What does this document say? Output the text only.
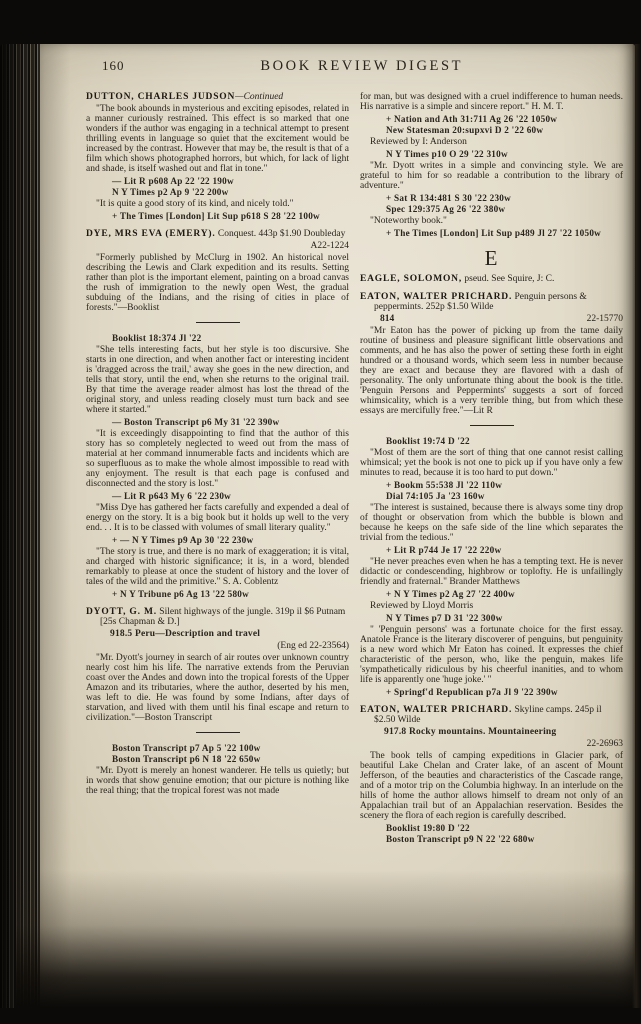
160	BOOK REVIEW DIGEST
DUTTON, CHARLES JUDSON—Continued
"The book abounds in mysterious and exciting episodes, related in a manner curiously restrained. This effect is so marked that one wonders if the author was engaging in a technical attempt to present thrilling events in language so quiet that the excitement would be increased by the contrast. However that may be, the result is that of a film which shows photographed horrors, but which, for lack of light and shade, is itself washed out and flat in tone."
— Lit R p608 Ap 22 '22 190w
N Y Times p2 Ap 9 '22 200w
"It is quite a good story of its kind, and nicely told."
+ The Times [London] Lit Sup p618 S 28 '22 100w
DYE, MRS EVA (EMERY). Conquest. 443p $1.90 Doubleday
A22-1224
"Formerly published by McClurg in 1902. An historical novel describing the Lewis and Clark expedition and its results. Setting rather than plot is the important element, painting on a broad canvas the rush of immigration to the newly open West, the gradual subduing of the Indians, and the rising of cities in place of forests."—Booklist
Booklist 18:374 Jl '22
"She tells interesting facts, but her style is too discursive. She starts in one direction, and when another fact or interesting incident is 'dragged across the trail,' away she goes in the new direction, and tells that story, until the end, when she returns to the original trail. By that time the average reader almost has lost the thread of the original story, and unless reading closely must turn back and see where it started."
— Boston Transcript p6 My 31 '22 390w
"It is exceedingly disappointing to find that the author of this story has so completely neglected to weed out from the mass of material at her command innumerable facts and incidents which are so superfluous as to make the whole almost impossible to read with any enjoyment. The result is that each page is confused and disconnected and the story is lost."
— Lit R p643 My 6 '22 230w
"Miss Dye has gathered her facts carefully and expended a deal of energy on the story. It is a big book but it holds up well to the very end. . . It is to be classed with volumes of small literary quality."
+ — N Y Times p9 Ap 30 '22 230w
"The story is true, and there is no mark of exaggeration; it is vital, and charged with historic significance; it is, in a word, blended remarkably to please at once the student of history and the lover of tales of the wild and the primitive." S. A. Coblentz
+ N Y Tribune p6 Ag 13 '22 580w
DYOTT, G. M. Silent highways of the jungle. 319p il $6 Putnam [25s Chapman & D.]
918.5 Peru—Description and travel
(Eng ed 22-23564)
"Mr. Dyott's journey in search of air routes over unknown country nearly cost him his life. The narrative extends from the Peruvian coast over the Andes and down into the tropical forests of the Upper Amazon and its tributaries, where the author, deserted by his men, was left to die. He was found by some Indians, after days of starvation, and lived with them until his final escape and return to civilization."—Boston Transcript
Boston Transcript p7 Ap 5 '22 100w
Boston Transcript p6 N 18 '22 650w
"Mr. Dyott is merely an honest wanderer. He tells us quietly; but in words that show genuine emotion; that our picture is nothing like the real thing; that the tropical forest was not made
for man, but was designed with a cruel indifference to human needs. His narrative is a simple and sincere report." H. M. T.
+ Nation and Ath 31:711 Ag 26 '22 1050w
New Statesman 20:supxvi D 2 '22 60w
Reviewed by I: Anderson
N Y Times p10 O 29 '22 310w
"Mr. Dyott writes in a simple and convincing style. We are grateful to him for so readable a contribution to the library of adventure."
+ Sat R 134:481 S 30 '22 230w
Spec 129:375 Ag 26 '22 380w
"Noteworthy book."
+ The Times [London] Lit Sup p489 Jl 27 '22 1050w
E
EAGLE, SOLOMON, pseud. See Squire, J: C.
EATON, WALTER PRICHARD. Penguin persons & peppermints. 252p $1.50 Wilde
814	22-15770
"Mr Eaton has the power of picking up from the tame daily routine of business and pleasure significant little observations and comments, and he has also the power of setting these forth in eight hundred or a thousand words, which seem less in number because they are exact and because they are flavored with a dash of personality. The only unfortunate thing about the book is the title. 'Penguin Persons and Peppermints' suggests a sort of forced whimsicality, which is a very terrible thing, but from which these essays are mercifully free."—Lit R
Booklist 19:74 D '22
"Most of them are the sort of thing that one cannot resist calling whimsical; yet the book is not one to pick up if you have only a few minutes to read, because it is too hard to put down."
+ Bookm 55:538 Jl '22 110w
Dial 74:105 Ja '23 160w
"The interest is sustained, because there is always some tiny drop of thought or observation from which the bubble is blown and because he keeps on the safe side of the line which separates the trivial from the tedious."
+ Lit R p744 Je 17 '22 220w
"He never preaches even when he has a tempting text. He is never didactic or condescending, highbrow or toplofty. He is unfailingly friendly and fraternal." Brander Matthews
+ N Y Times p2 Ag 27 '22 400w
Reviewed by Lloyd Morris
N Y Times p7 D 31 '22 300w
" 'Penguin persons' was a fortunate choice for the first essay. Anatole France is the literary discoverer of penguins, but penguinity is a new word which Mr Eaton has coined. It expresses the chief characteristic of the person, who, like the penguin, makes life 'sympathetically ridiculous by his cheerful inanities, and to whom life is apparently one 'huge joke.' "
+ Springf'd Republican p7a Jl 9 '22 390w
EATON, WALTER PRICHARD. Skyline camps. 245p il $2.50 Wilde
917.8 Rocky mountains. Mountaineering
22-26963
The book tells of camping expeditions in Glacier park, of beautiful Lake Chelan and Crater lake, of an ascent of Mount Jefferson, of the beauties and characteristics of the Cascade range, and of a motor trip on the Columbia highway. In an interlude on the hills of home the author allows himself to dream not only of an Appalachian trail but of an Appalachian reservation. Besides the scenery the flora of each region is carefully described.
Booklist 19:80 D '22
Boston Transcript p9 N 22 '22 680w
